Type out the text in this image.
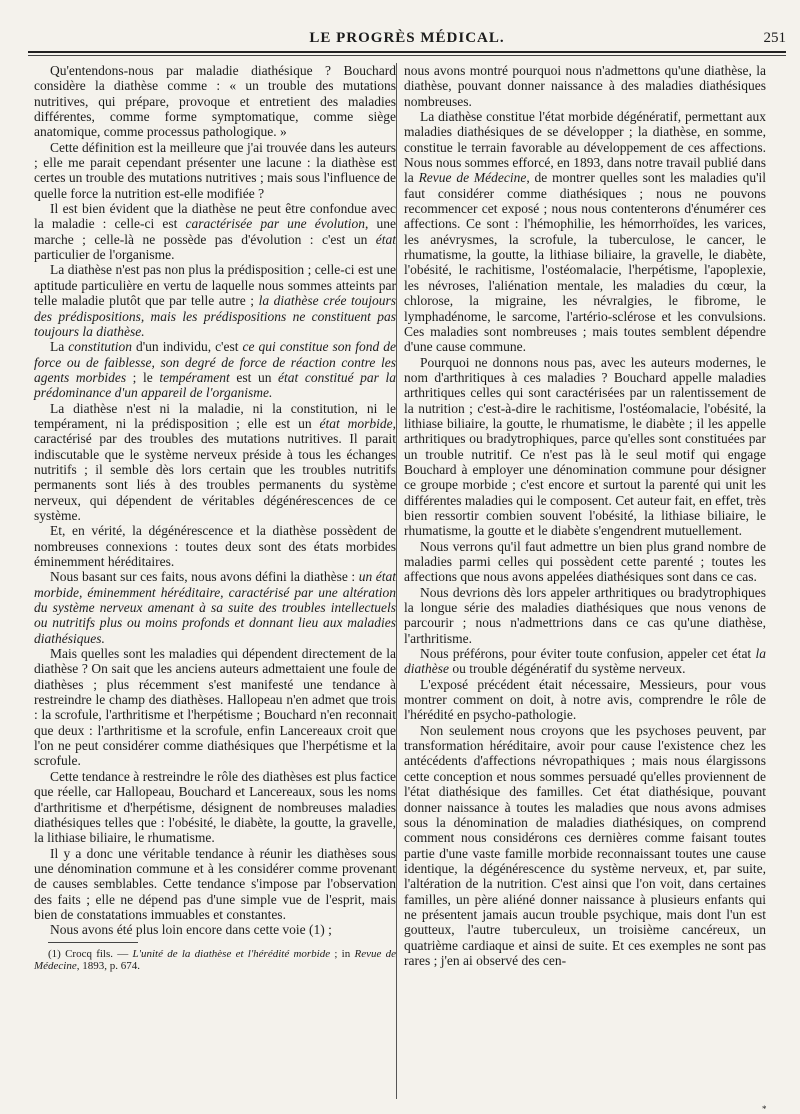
LE PROGRÈS MÉDICAL.	251

Qu'entendons-nous par maladie diathésique ? Bouchard considère la diathèse comme : « un trouble des mutations nutritives, qui prépare, provoque et entretient des maladies différentes, comme forme symptomatique, comme siège anatomique, comme processus pathologique. »

Cette définition est la meilleure que j'ai trouvée dans les auteurs ; elle me parait cependant présenter une lacune : la diathèse est certes un trouble des mutations nutritives ; mais sous l'influence de quelle force la nutrition est-elle modifiée ?

Il est bien évident que la diathèse ne peut être confondue avec la maladie : celle-ci est caractérisée par une évolution, une marche ; celle-là ne possède pas d'évolution : c'est un état particulier de l'organisme.

La diathèse n'est pas non plus la prédisposition ; celle-ci est une aptitude particulière en vertu de laquelle nous sommes atteints par telle maladie plutôt que par telle autre ; la diathèse crée toujours des prédispositions, mais les prédispositions ne constituent pas toujours la diathèse.

La constitution d'un individu, c'est ce qui constitue son fond de force ou de faiblesse, son degré de force de réaction contre les agents morbides ; le tempérament est un état constitué par la prédominance d'un appareil de l'organisme.

La diathèse n'est ni la maladie, ni la constitution, ni le tempérament, ni la prédisposition ; elle est un état morbide, caractérisé par des troubles des mutations nutritives. Il parait indiscutable que le système nerveux préside à tous les échanges nutritifs ; il semble dès lors certain que les troubles nutritifs permanents sont liés à des troubles permanents du système nerveux, qui dépendent de véritables dégénérescences de ce système.

Et, en vérité, la dégénérescence et la diathèse possèdent de nombreuses connexions : toutes deux sont des états morbides éminemment héréditaires.

Nous basant sur ces faits, nous avons défini la diathèse : un état morbide, éminemment héréditaire, caractérisé par une altération du système nerveux amenant à sa suite des troubles intellectuels ou nutritifs plus ou moins profonds et donnant lieu aux maladies diathésiques.

Mais quelles sont les maladies qui dépendent directement de la diathèse ? On sait que les anciens auteurs admettaient une foule de diathèses ; plus récemment s'est manifesté une tendance à restreindre le champ des diathèses. Hallopeau n'en admet que trois : la scrofule, l'arthritisme et l'herpétisme ; Bouchard n'en reconnait que deux : l'arthritisme et la scrofule, enfin Lancereaux croit que l'on ne peut considérer comme diathésiques que l'herpétisme et la scrofule.

Cette tendance à restreindre le rôle des diathèses est plus factice que réelle, car Hallopeau, Bouchard et Lancereaux, sous les noms d'arthritisme et d'herpétisme, désignent de nombreuses maladies diathésiques telles que : l'obésité, le diabète, la goutte, la gravelle, la lithiase biliaire, le rhumatisme.

Il y a donc une véritable tendance à réunir les diathèses sous une dénomination commune et à les considérer comme provenant de causes semblables. Cette tendance s'impose par l'observation des faits ; elle ne dépend pas d'une simple vue de l'esprit, mais bien de constatations immuables et constantes.

Nous avons été plus loin encore dans cette voie (1) ;

(1) Crocq fils. — L'unité de la diathèse et l'hérédité morbide ; in Revue de Médecine, 1893, p. 674.

nous avons montré pourquoi nous n'admettons qu'une diathèse, la diathèse, pouvant donner naissance à des maladies diathésiques nombreuses.

La diathèse constitue l'état morbide dégénératif, permettant aux maladies diathésiques de se développer ; la diathèse, en somme, constitue le terrain favorable au développement de ces affections. Nous nous sommes efforcé, en 1893, dans notre travail publié dans la Revue de Médecine, de montrer quelles sont les maladies qu'il faut considérer comme diathésiques ; nous ne pouvons recommencer cet exposé ; nous nous contenterons d'énumérer ces affections. Ce sont : l'hémophilie, les hémorrhoïdes, les varices, les anévrysmes, la scrofule, la tuberculose, le cancer, le rhumatisme, la goutte, la lithiase biliaire, la gravelle, le diabète, l'obésité, le rachitisme, l'ostéomalacie, l'herpétisme, l'apoplexie, les névroses, l'aliénation mentale, les maladies du cœur, la chlorose, la migraine, les névralgies, le fibrome, le lymphadénome, le sarcome, l'artério-sclérose et les convulsions. Ces maladies sont nombreuses ; mais toutes semblent dépendre d'une cause commune.

Pourquoi ne donnons nous pas, avec les auteurs modernes, le nom d'arthritiques à ces maladies ? Bouchard appelle maladies arthritiques celles qui sont caractérisées par un ralentissement de la nutrition ; c'est-à-dire le rachitisme, l'ostéomalacie, l'obésité, la lithiase biliaire, la goutte, le rhumatisme, le diabète ; il les appelle arthritiques ou bradytrophiques, parce qu'elles sont constituées par un trouble nutritif. Ce n'est pas là le seul motif qui engage Bouchard à employer une dénomination commune pour désigner ce groupe morbide ; c'est encore et surtout la parenté qui unit les différentes maladies qui le composent. Cet auteur fait, en effet, très bien ressortir combien souvent l'obésité, la lithiase biliaire, le rhumatisme, la goutte et le diabète s'engendrent mutuellement.

Nous verrons qu'il faut admettre un bien plus grand nombre de maladies parmi celles qui possèdent cette parenté ; toutes les affections que nous avons appelées diathésiques sont dans ce cas.

Nous devrions dès lors appeler arthritiques ou bradytrophiques la longue série des maladies diathésiques que nous venons de parcourir ; nous n'admettrions dans ce cas qu'une diathèse, l'arthritisme.

Nous préférons, pour éviter toute confusion, appeler cet état la diathèse ou trouble dégénératif du système nerveux.

L'exposé précédent était nécessaire, Messieurs, pour vous montrer comment on doit, à notre avis, comprendre le rôle de l'hérédité en psycho-pathologie.

Non seulement nous croyons que les psychoses peuvent, par transformation héréditaire, avoir pour cause l'existence chez les antécédents d'affections névropathiques ; mais nous élargissons cette conception et nous sommes persuadé qu'elles proviennent de l'état diathésique des familles. Cet état diathésique, pouvant donner naissance à toutes les maladies que nous avons admises sous la dénomination de maladies diathésiques, on comprend comment nous considérons ces dernières comme faisant toutes partie d'une vaste famille morbide reconnaissant toutes une cause identique, la dégénérescence du système nerveux, et, par suite, l'altération de la nutrition. C'est ainsi que l'on voit, dans certaines familles, un père aliéné donner naissance à plusieurs enfants qui ne présentent jamais aucun trouble psychique, mais dont l'un est goutteux, l'autre tuberculeux, un troisième cancéreux, un quatrième cardiaque et ainsi de suite. Et ces exemples ne sont pas rares ; j'en ai observé des cen-

*
